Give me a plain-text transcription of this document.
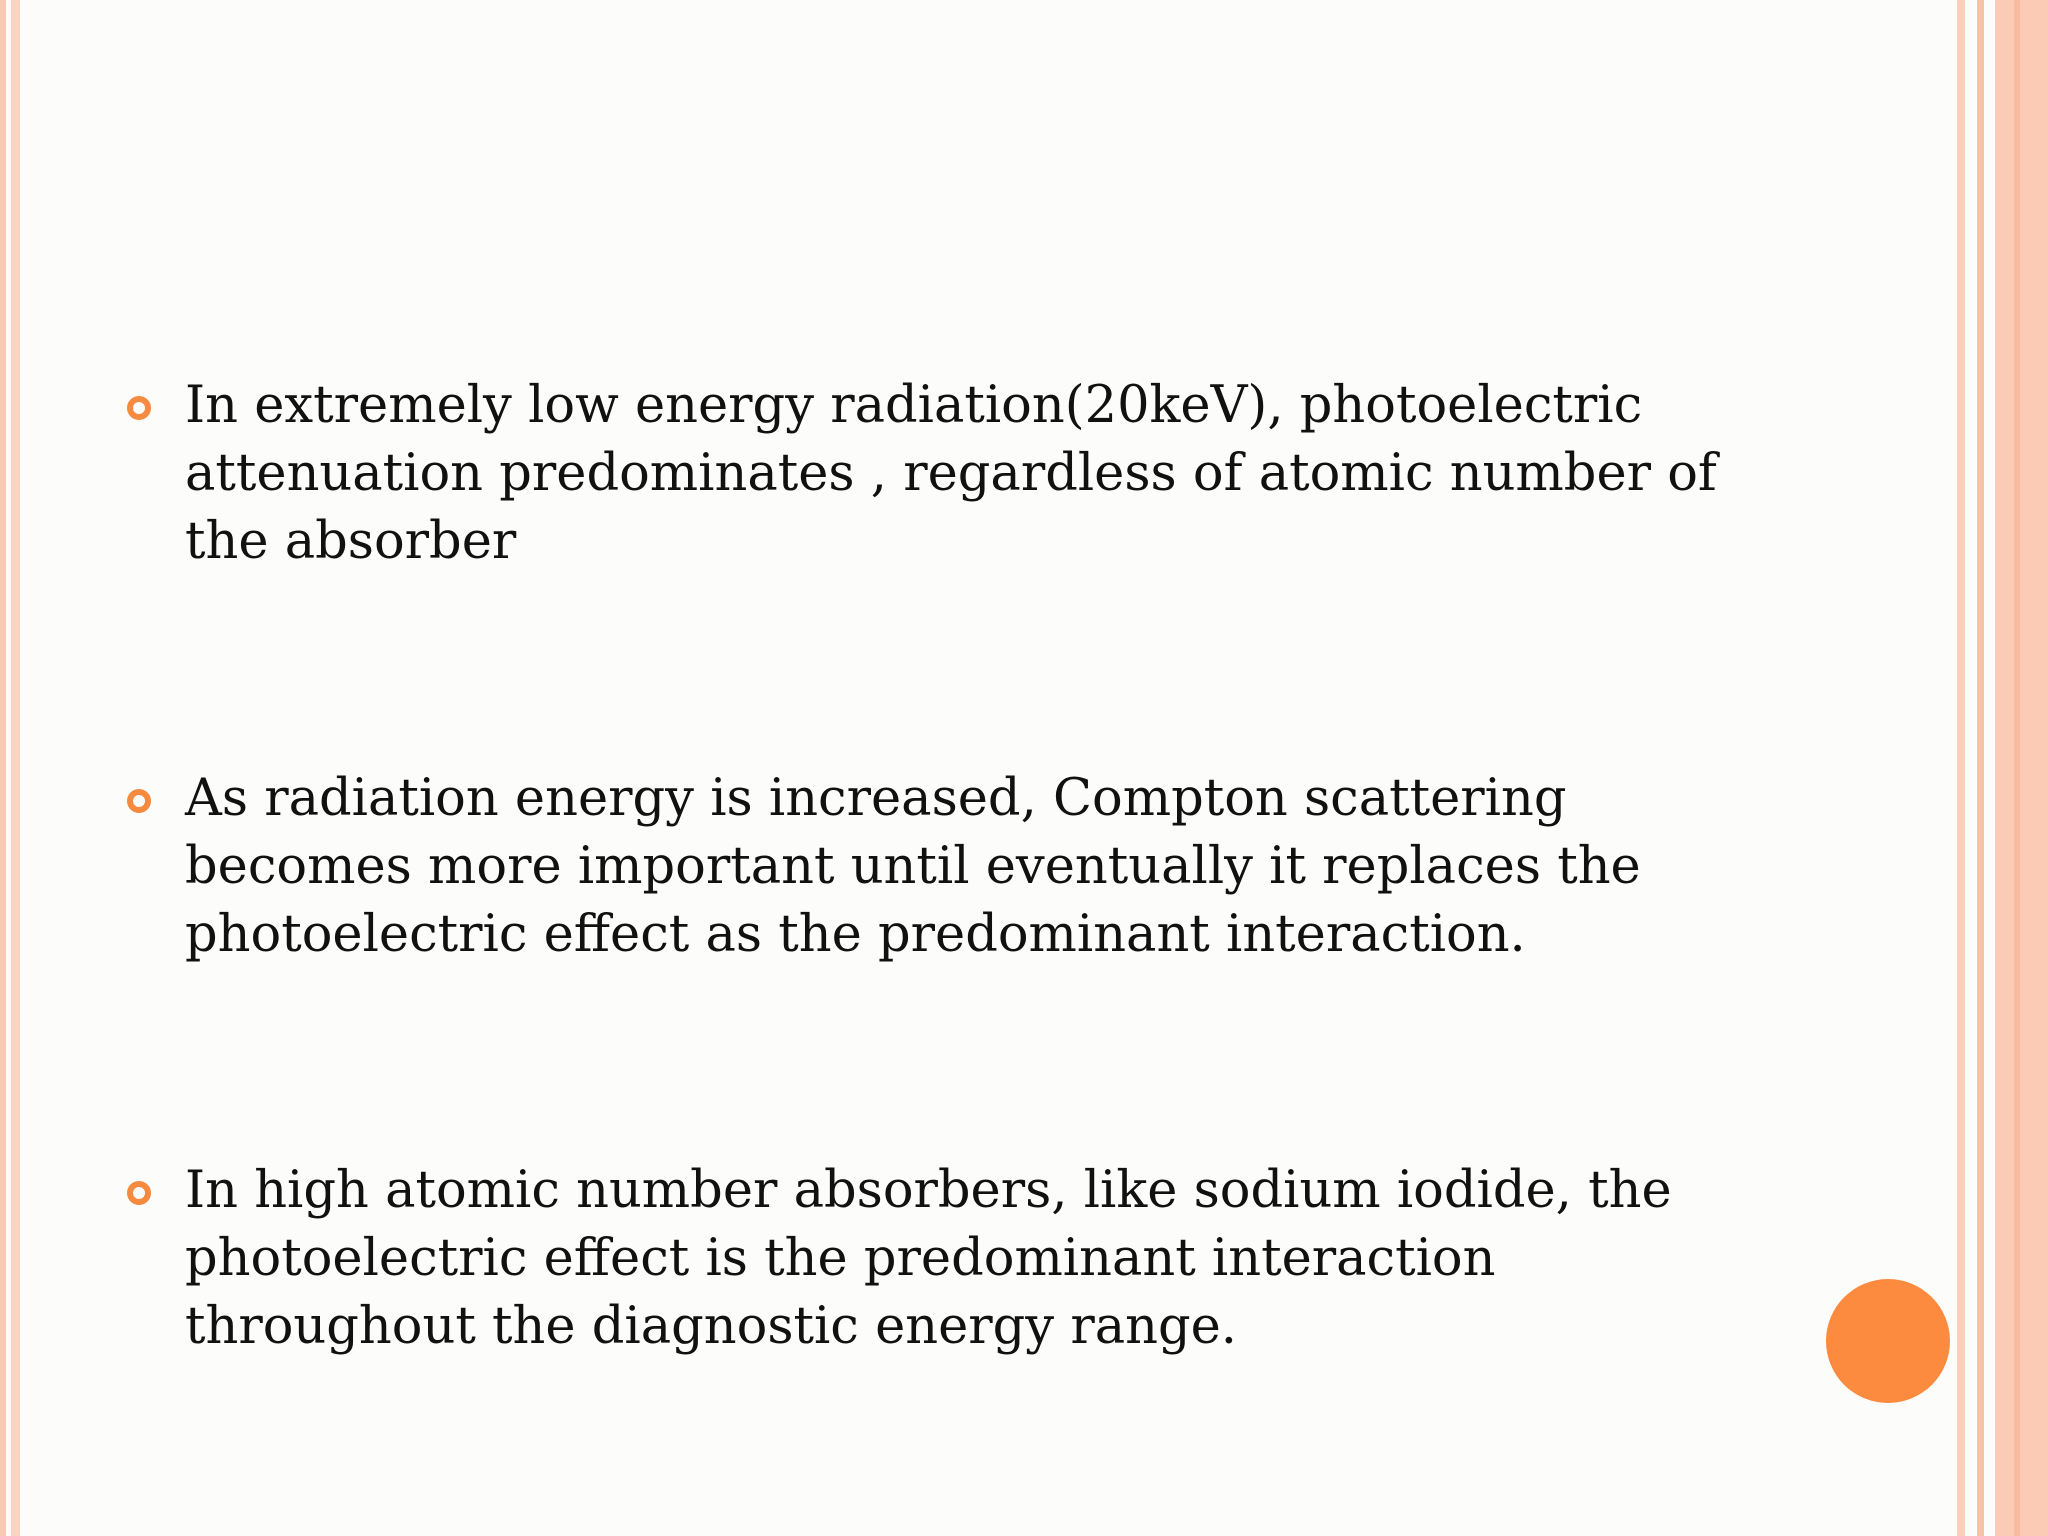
In extremely low energy radiation(20keV), photoelectric attenuation predominates , regardless of atomic number of the absorber

As radiation energy is increased, Compton scattering becomes more important until eventually it replaces the photoelectric effect as the predominant interaction.

In high atomic number absorbers, like sodium iodide, the photoelectric effect is the predominant interaction throughout the diagnostic energy range.
